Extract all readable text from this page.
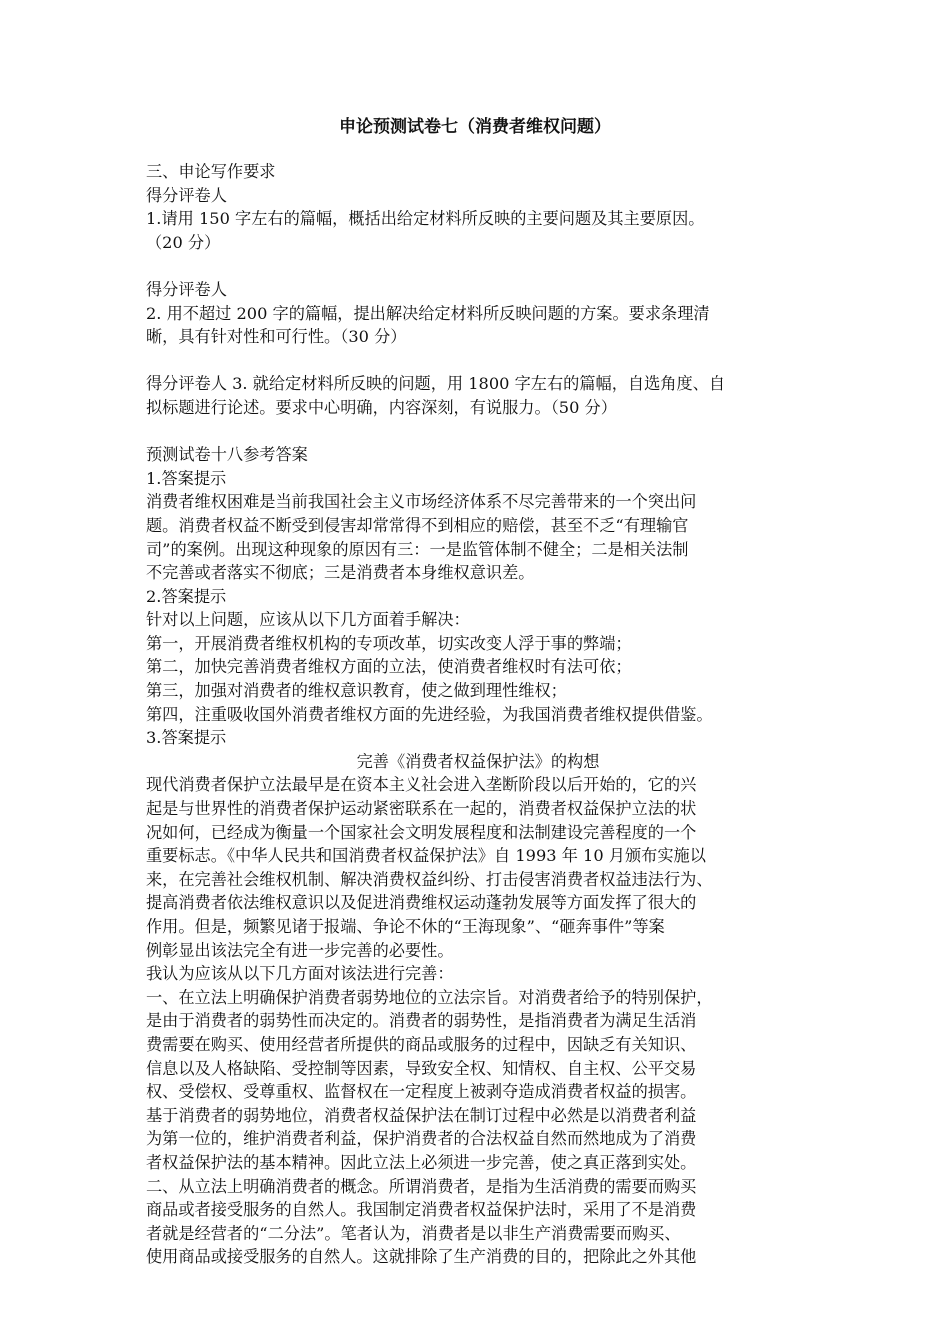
申论预测试卷七（消费者维权问题）
三、申论写作要求
得分评卷人
1.请用 150 字左右的篇幅，概括出给定材料所反映的主要问题及其主要原因。
（20 分）
得分评卷人
2. 用不超过 200 字的篇幅，提出解决给定材料所反映问题的方案。要求条理清
晰，具有针对性和可行性。（30 分）
得分评卷人 3. 就给定材料所反映的问题，用 1800 字左右的篇幅，自选角度、自
拟标题进行论述。要求中心明确，内容深刻，有说服力。（50 分）
预测试卷十八参考答案
1.答案提示
消费者维权困难是当前我国社会主义市场经济体系不尽完善带来的一个突出问
题。消费者权益不断受到侵害却常常得不到相应的赔偿，甚至不乏“有理输官
司”的案例。出现这种现象的原因有三：一是监管体制不健全；二是相关法制
不完善或者落实不彻底；三是消费者本身维权意识差。
2.答案提示
针对以上问题，应该从以下几方面着手解决：
第一，开展消费者维权机构的专项改革，切实改变人浮于事的弊端；
第二，加快完善消费者维权方面的立法，使消费者维权时有法可依；
第三，加强对消费者的维权意识教育，使之做到理性维权；
第四，注重吸收国外消费者维权方面的先进经验，为我国消费者维权提供借鉴。
3.答案提示
完善《消费者权益保护法》的构想
现代消费者保护立法最早是在资本主义社会进入垄断阶段以后开始的，它的兴
起是与世界性的消费者保护运动紧密联系在一起的，消费者权益保护立法的状
况如何，已经成为衡量一个国家社会文明发展程度和法制建设完善程度的一个
重要标志。《中华人民共和国消费者权益保护法》自 1993 年 10 月颁布实施以
来，在完善社会维权机制、解决消费权益纠纷、打击侵害消费者权益违法行为、
提高消费者依法维权意识以及促进消费维权运动蓬勃发展等方面发挥了很大的
作用。但是，频繁见诸于报端、争论不休的“王海现象”、“砸奔事件”等案
例彰显出该法完全有进一步完善的必要性。
我认为应该从以下几方面对该法进行完善：
一、在立法上明确保护消费者弱势地位的立法宗旨。对消费者给予的特别保护，
是由于消费者的弱势性而决定的。消费者的弱势性，是指消费者为满足生活消
费需要在购买、使用经营者所提供的商品或服务的过程中，因缺乏有关知识、
信息以及人格缺陷、受控制等因素，导致安全权、知情权、自主权、公平交易
权、受偿权、受尊重权、监督权在一定程度上被剥夺造成消费者权益的损害。
基于消费者的弱势地位，消费者权益保护法在制订过程中必然是以消费者利益
为第一位的，维护消费者利益，保护消费者的合法权益自然而然地成为了消费
者权益保护法的基本精神。因此立法上必须进一步完善，使之真正落到实处。
二、从立法上明确消费者的概念。所谓消费者，是指为生活消费的需要而购买
商品或者接受服务的自然人。我国制定消费者权益保护法时，采用了不是消费
者就是经营者的“二分法”。笔者认为，消费者是以非生产消费需要而购买、
使用商品或接受服务的自然人。这就排除了生产消费的目的，把除此之外其他
